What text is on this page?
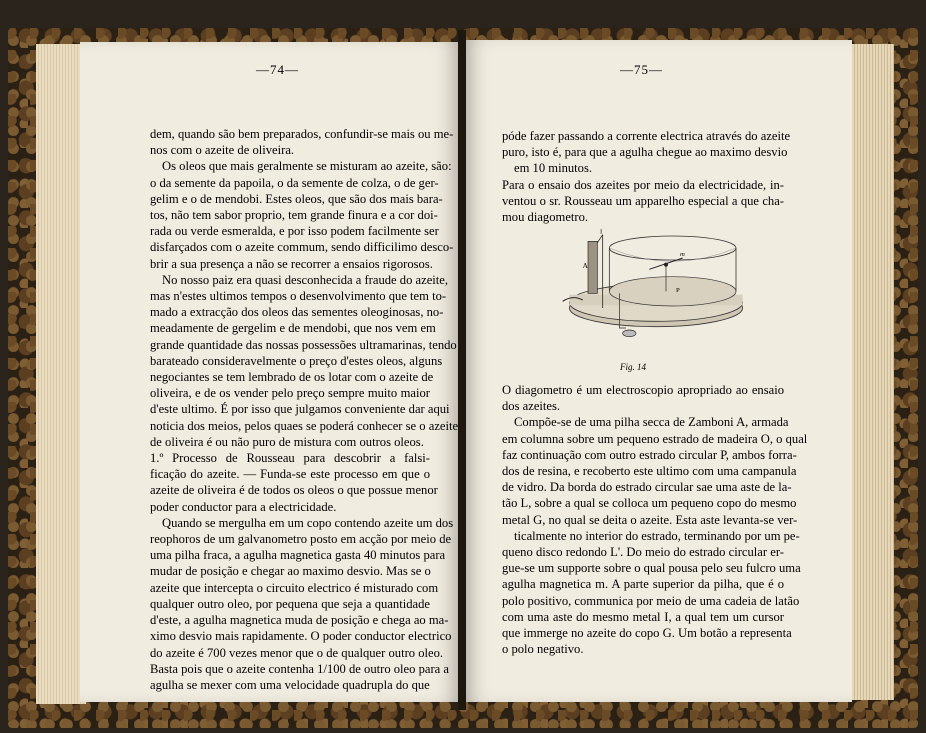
—74—	—75—
dem, quando são bem preparados, confundir-se mais ou me-
nos com o azeite de oliveira.
Os oleos que mais geralmente se misturam ao azeite, são:
o da semente da papoila, o da semente de colza, o de ger-
gelim e o de mendobi. Estes oleos, que são dos mais bara-
tos, não tem sabor proprio, tem grande finura e a cor doi-
rada ou verde esmeralda, e por isso podem facilmente ser
disfarçados com o azeite commum, sendo difficilimo desco-
brir a sua presença a não se recorrer a ensaios rigorosos.
No nosso paiz era quasi desconhecida a fraude do azeite,
mas n'estes ultimos tempos o desenvolvimento que tem to-
mado a extracção dos oleos das sementes oleoginosas, no-
meadamente de gergelim e de mendobi, que nos vem em
grande quantidade das nossas possessões ultramarinas, tendo
barateado consideravelmente o preço d'estes oleos, alguns
negociantes se tem lembrado de os lotar com o azeite de
oliveira, e de os vender pelo preço sempre muito maior
d'este ultimo. É por isso que julgamos conveniente dar aqui
noticia dos meios, pelos quaes se poderá conhecer se o azeite
de oliveira é ou não puro de mistura com outros oleos.
1.º Processo de Rousseau para descobrir a falsi-
ficação do azeite. — Funda-se este processo em que o
azeite de oliveira é de todos os oleos o que possue menor
poder conductor para a electricidade.
Quando se mergulha em um copo contendo azeite um dos
reophoros de um galvanometro posto em acção por meio de
uma pilha fraca, a agulha magnetica gasta 40 minutos para
mudar de posição e chegar ao maximo desvio. Mas se o
azeite que intercepta o circuito electrico é misturado com
qualquer outro oleo, por pequena que seja a quantidade
d'este, a agulha magnetica muda de posição e chega ao ma-
ximo desvio mais rapidamente. O poder conductor electrico
do azeite é 700 vezes menor que o de qualquer outro oleo.
Basta pois que o azeite contenha 1/100 de outro oleo para a
agulha se mexer com uma velocidade quadrupla do que
póde fazer passando a corrente electrica através do azeite
puro, isto é, para que a agulha chegue ao maximo desvio
em 10 minutos.
Para o ensaio dos azeites por meio da electricidade, in-
ventou o sr. Rousseau um apparelho especial a que cha-
mou diagometro.
A
I
m
P
Fig. 14
O diagometro é um electroscopio apropriado ao ensaio
dos azeites.
Compõe-se de uma pilha secca de Zamboni A, armada
em columna sobre um pequeno estrado de madeira O, o qual
faz continuação com outro estrado circular P, ambos forra-
dos de resina, e recoberto este ultimo com uma campanula
de vidro. Da borda do estrado circular sae uma aste de la-
tão L, sobre a qual se colloca um pequeno copo do mesmo
metal G, no qual se deita o azeite. Esta aste levanta-se ver-
ticalmente no interior do estrado, terminando por um pe-
queno disco redondo L'. Do meio do estrado circular er-
gue-se um supporte sobre o qual pousa pelo seu fulcro uma
agulha magnetica m. A parte superior da pilha, que é o
polo positivo, communica por meio de uma cadeia de latão
com uma aste do mesmo metal I, a qual tem um cursor
que immerge no azeite do copo G. Um botão a representa
o polo negativo.
